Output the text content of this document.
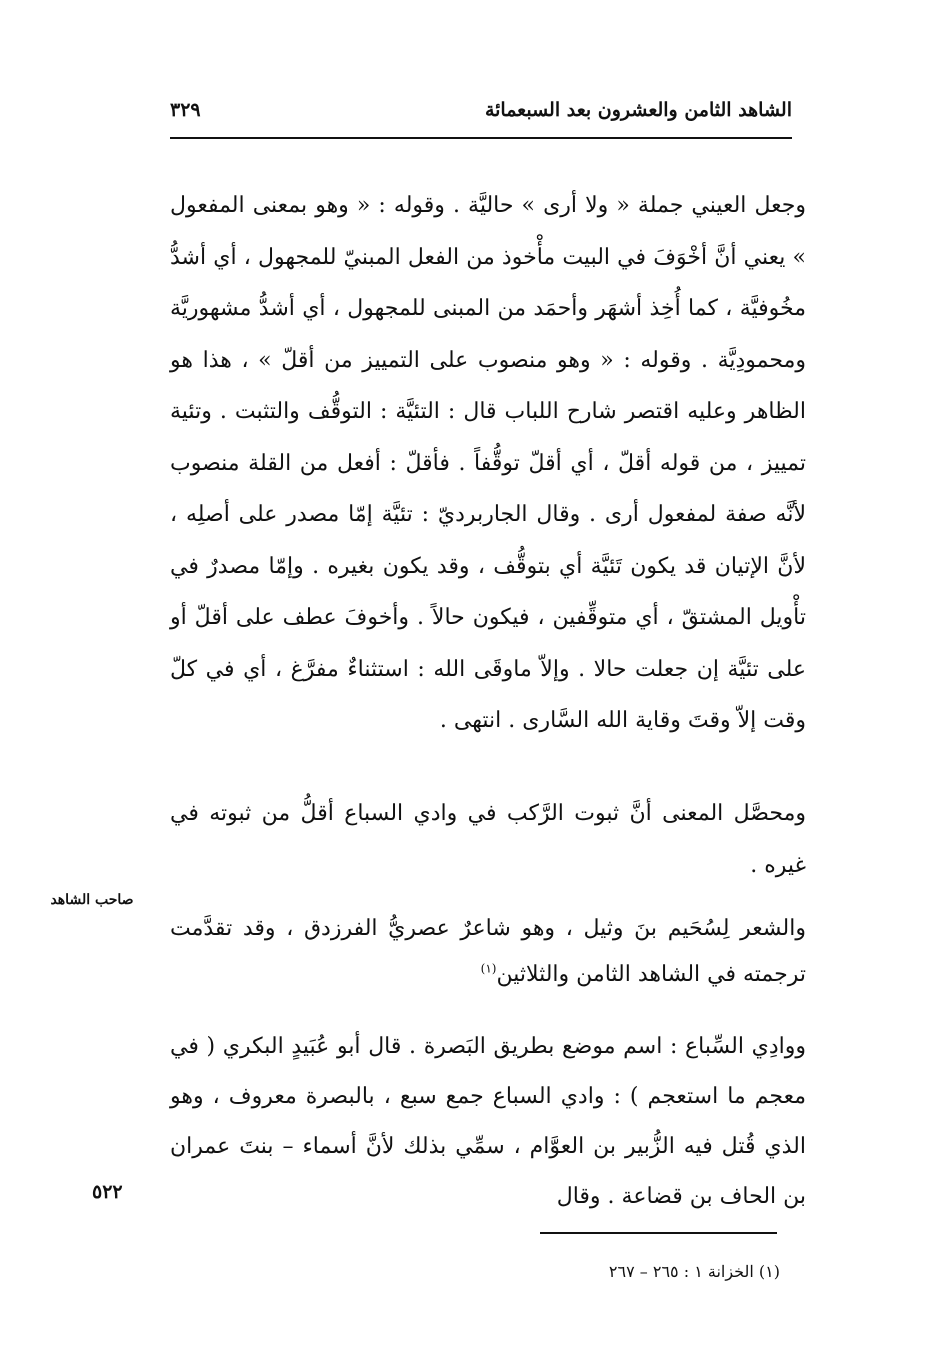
الشاهد الثامن والعشرون بعد السبعمائة
٣٢٩

وجعل العيني جملة « ولا أرى » حاليَّة . وقوله : « وهو بمعنى المفعول » يعني أنَّ أخْوَفَ في البيت مأْخوذ من الفعل المبنيّ للمجهول ، أي أشدُّ مخُوفيَّة ، كما أُخِذ أشهَر وأحمَد من المبنى للمجهول ، أي أشدُّ مشهوريَّة ومحمودِيَّة . وقوله : « وهو منصوب على التمييز من أقلّ » ، هذا هو الظاهر وعليه اقتصر شارح اللباب قال : التئيَّة : التوقُّف والتثبت . وتئية تمييز ، من قوله أقلّ ، أي أقلّ توقُّفاً . فأقلّ : أفعل من القلة منصوب لأنَّه صفة لمفعول أرى . وقال الجاربرديّ : تئيَّة إمّا مصدر على أصلِه ، لأنَّ الإتيان قد يكون تَئيَّة أي بتوقُّف ، وقد يكون بغيره . وإمّا مصدرٌ في تأْويل المشتقّ ، أي متوقِّفين ، فيكون حالاً . وأخوفَ عطف على أقلّ أو على تئيَّة إن جعلت حالا . وإلاّ ماوقَى الله : استثناءٌ مفرَّغ ، أي في كلّ وقت إلاّ وقتَ وقاية الله السَّارى . انتهى .

ومحصَّل المعنى أنَّ ثبوت الرَّكب في وادي السباع أقلُّ من ثبوته في غيره .

والشعر لِسُحَيم بنَ وثيل ، وهو شاعرٌ عصريُّ الفرزدق ، وقد تقدَّمت ترجمته في الشاهد الثامن والثلاثين$^{(١)}$

صاحب الشاهد

ووادِي السِّباع : اسم موضع بطريق البَصرة . قال أبو عُبَيدٍ البكري ( في معجم ما استعجم ) : وادي السباع جمع سبع ، بالبصرة معروف ، وهو الذي قُتل فيه الزُّبير بن العوَّام ، سمِّي بذلك لأنَّ أسماء – بنتَ عمران بن الحاف بن قضاعة . وقال

٥٢٢
(١) الخزانة ١ : ٢٦٥ – ٢٦٧
